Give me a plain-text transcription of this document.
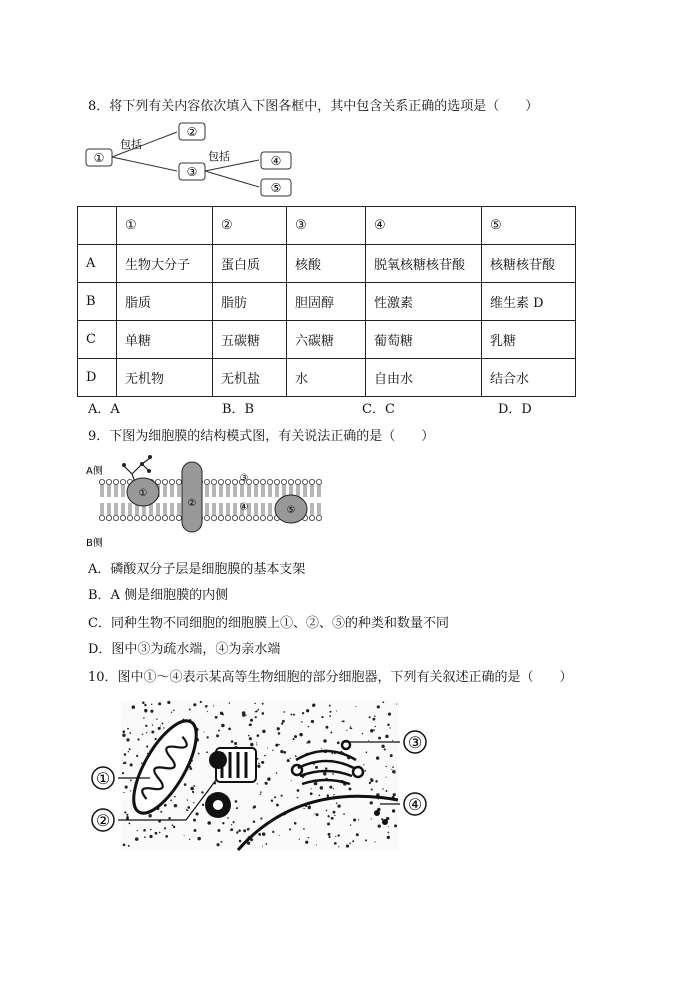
8．将下列有关内容依次填入下图各框中，其中包含关系正确的选项是（　　）
①
包括
②
③
包括	④
⑤
	①	②	③	④	⑤
A	生物大分子	蛋白质	核酸	脱氧核糖核苷酸	核糖核苷酸
B	脂质	脂肪	胆固醇	性激素	维生素 D
C	单糖	五碳糖	六碳糖	葡萄糖	乳糖
D	无机物	无机盐	水	自由水	结合水
A．A	B．B	C．C	D．D
9．下图为细胞膜的结构模式图，有关说法正确的是（　　）
A侧
B侧
①
②
⑤
③
④
A．磷酸双分子层是细胞膜的基本支架
B．A 侧是细胞膜的内侧
C．同种生物不同细胞的细胞膜上①、②、⑤的种类和数量不同
D．图中③为疏水端，④为亲水端
10．图中①～④表示某高等生物细胞的部分细胞器，下列有关叙述正确的是（　　）
①
②
③
④
